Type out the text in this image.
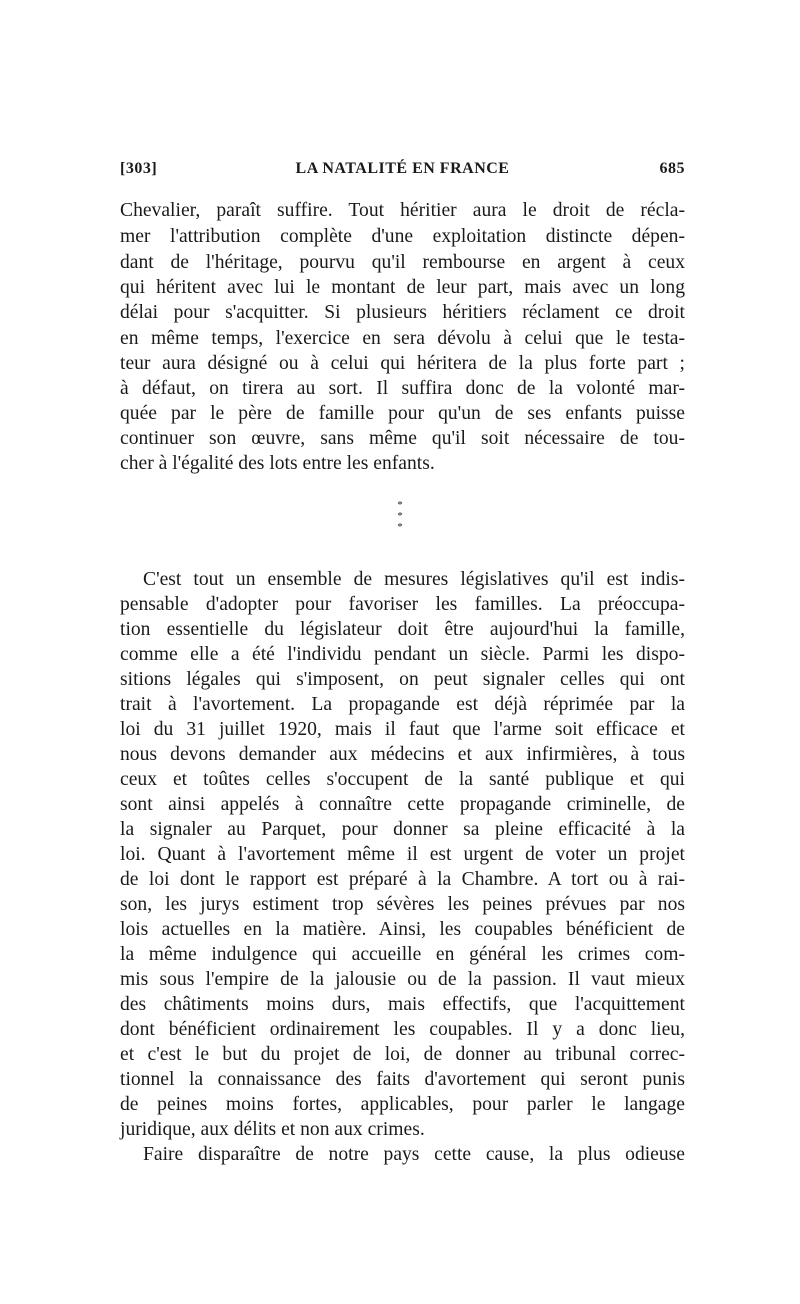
[303]	LA NATALITÉ EN FRANCE	685
Chevalier, paraît suffire. Tout héritier aura le droit de récla-
mer l'attribution complète d'une exploitation distincte dépen-
dant de l'héritage, pourvu qu'il rembourse en argent à ceux
qui héritent avec lui le montant de leur part, mais avec un long
délai pour s'acquitter. Si plusieurs héritiers réclament ce droit
en même temps, l'exercice en sera dévolu à celui que le testa-
teur aura désigné ou à celui qui héritera de la plus forte part ;
à défaut, on tirera au sort. Il suffira donc de la volonté mar-
quée par le père de famille pour qu'un de ses enfants puisse
continuer son œuvre, sans même qu'il soit nécessaire de tou-
cher à l'égalité des lots entre les enfants.
*
* *
C'est tout un ensemble de mesures législatives qu'il est indis-
pensable d'adopter pour favoriser les familles. La préoccupa-
tion essentielle du législateur doit être aujourd'hui la famille,
comme elle a été l'individu pendant un siècle. Parmi les dispo-
sitions légales qui s'imposent, on peut signaler celles qui ont
trait à l'avortement. La propagande est déjà réprimée par la
loi du 31 juillet 1920, mais il faut que l'arme soit efficace et
nous devons demander aux médecins et aux infirmières, à tous
ceux et toûtes celles s'occupent de la santé publique et qui
sont ainsi appelés à connaître cette propagande criminelle, de
la signaler au Parquet, pour donner sa pleine efficacité à la
loi. Quant à l'avortement même il est urgent de voter un projet
de loi dont le rapport est préparé à la Chambre. A tort ou à rai-
son, les jurys estiment trop sévères les peines prévues par nos
lois actuelles en la matière. Ainsi, les coupables bénéficient de
la même indulgence qui accueille en général les crimes com-
mis sous l'empire de la jalousie ou de la passion. Il vaut mieux
des châtiments moins durs, mais effectifs, que l'acquittement
dont bénéficient ordinairement les coupables. Il y a donc lieu,
et c'est le but du projet de loi, de donner au tribunal correc-
tionnel la connaissance des faits d'avortement qui seront punis
de peines moins fortes, applicables, pour parler le langage
juridique, aux délits et non aux crimes.
Faire disparaître de notre pays cette cause, la plus odieuse
